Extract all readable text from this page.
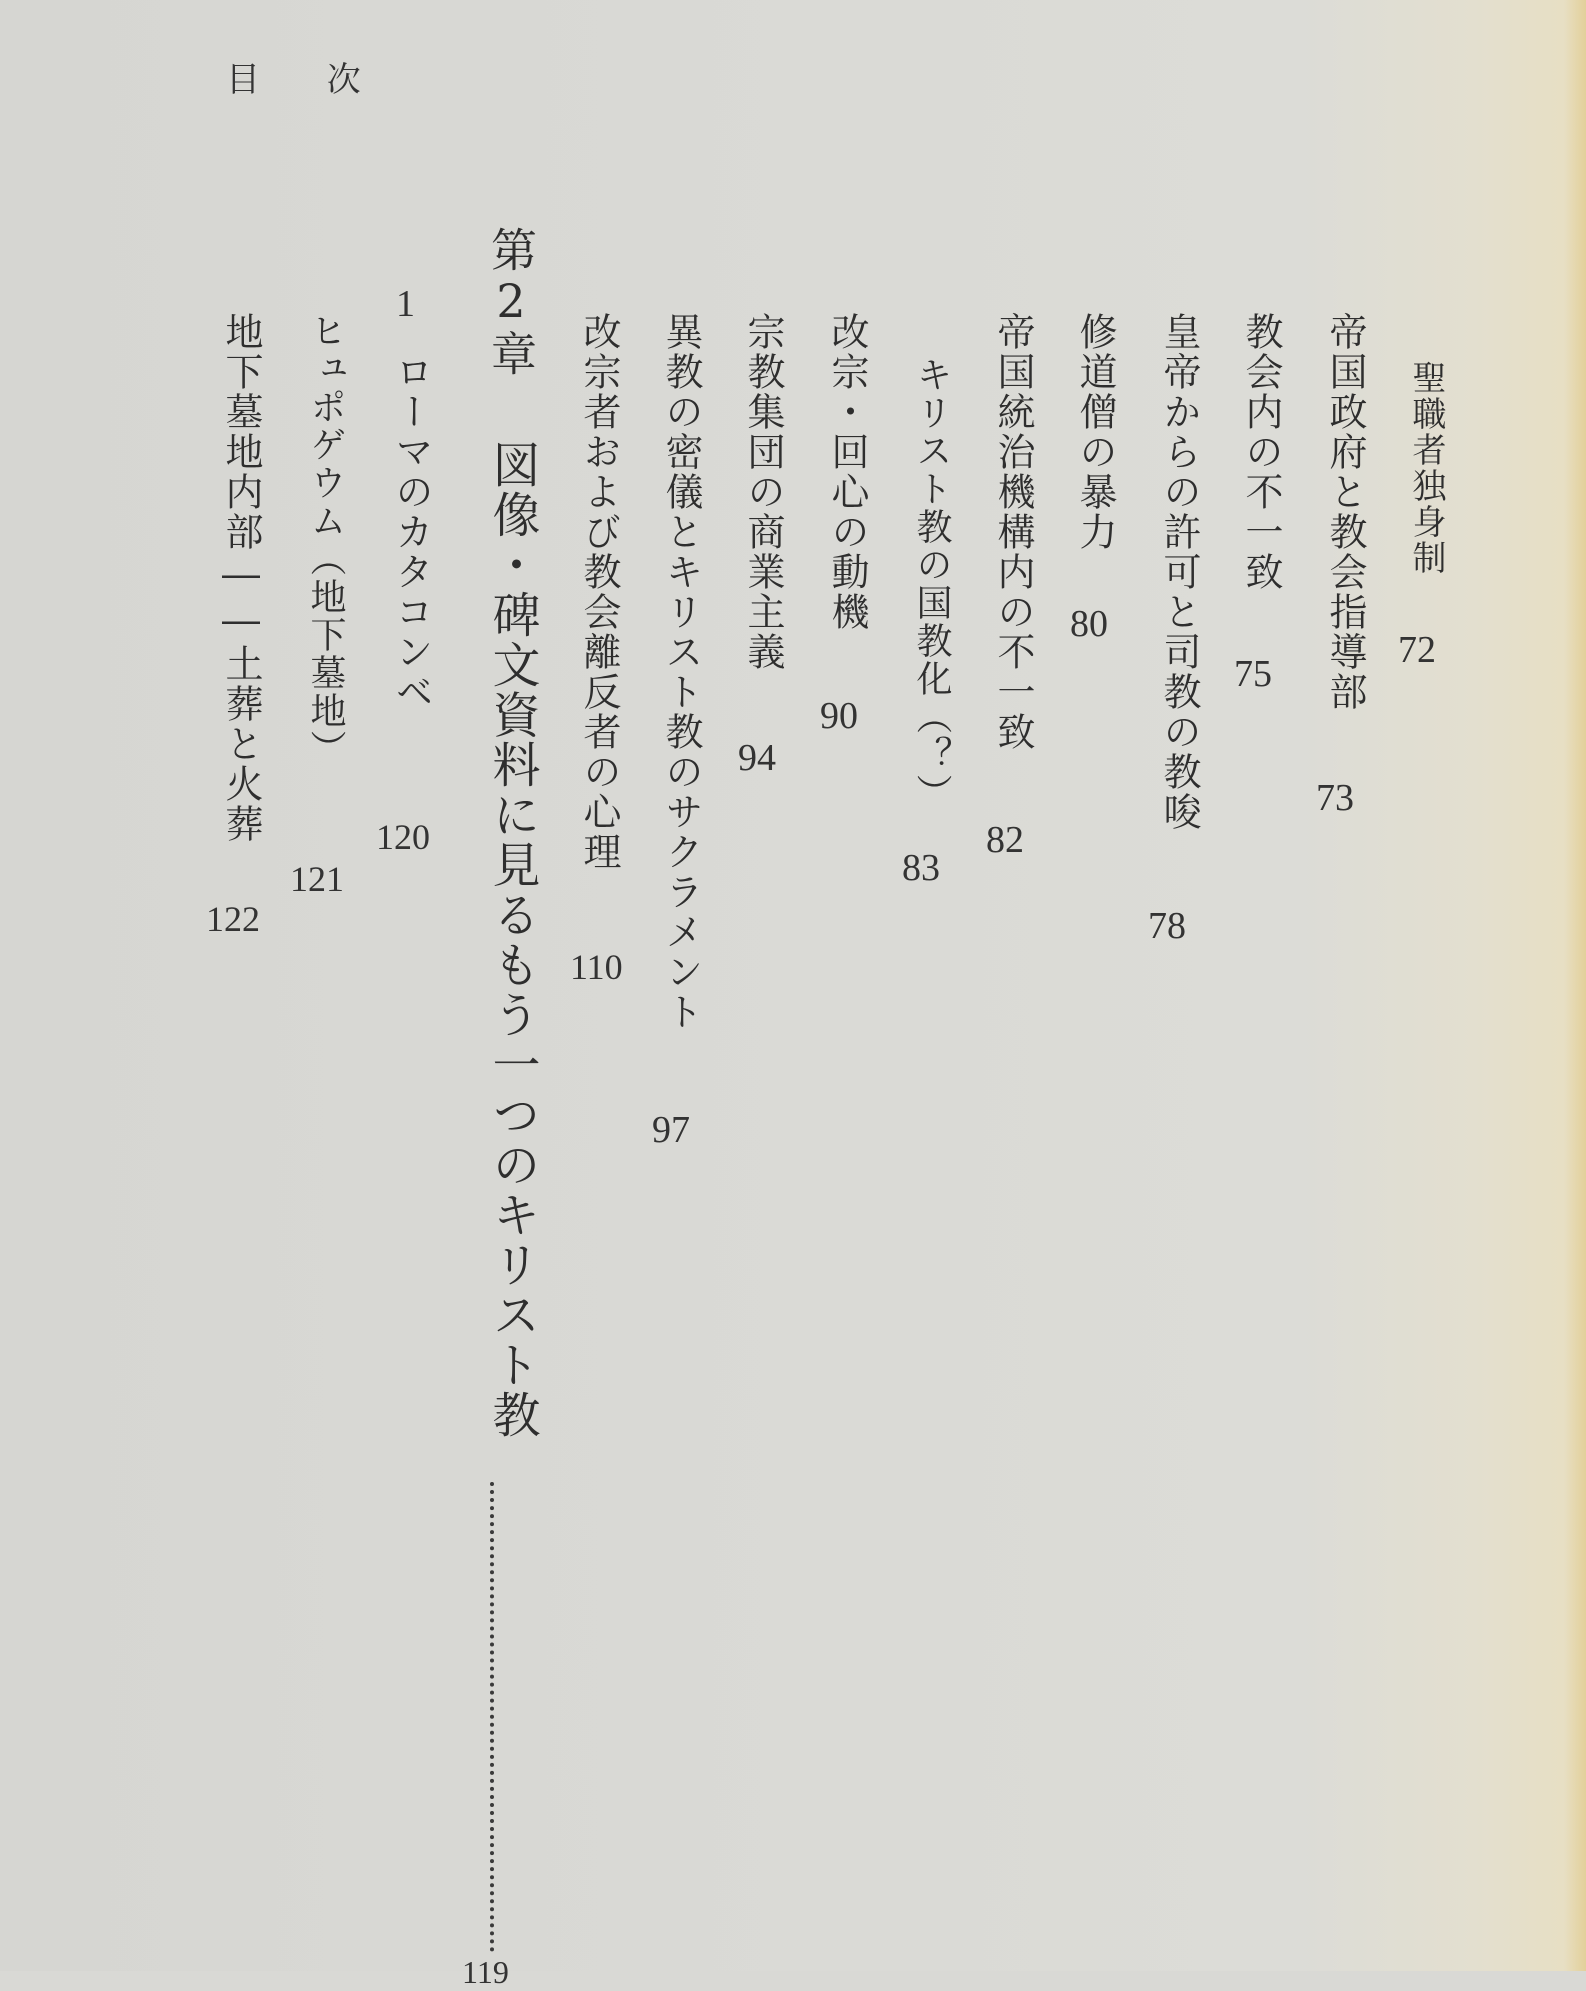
目 次
聖職者独身制
72
帝国政府と教会指導部
73
教会内の不一致
75
皇帝からの許可と司教の教唆
78
修道僧の暴力
80
帝国統治機構内の不一致
82
キリスト教の国教化（？）
83
改宗・回心の動機
90
宗教集団の商業主義
94
異教の密儀とキリスト教のサクラメント
97
改宗者および教会離反者の心理
110
第2章
図像・碑文資料に見るもう一つのキリスト教
119
1
ローマのカタコンベ
120
ヒュポゲウム（地下墓地）
121
地下墓地内部――土葬と火葬
122
